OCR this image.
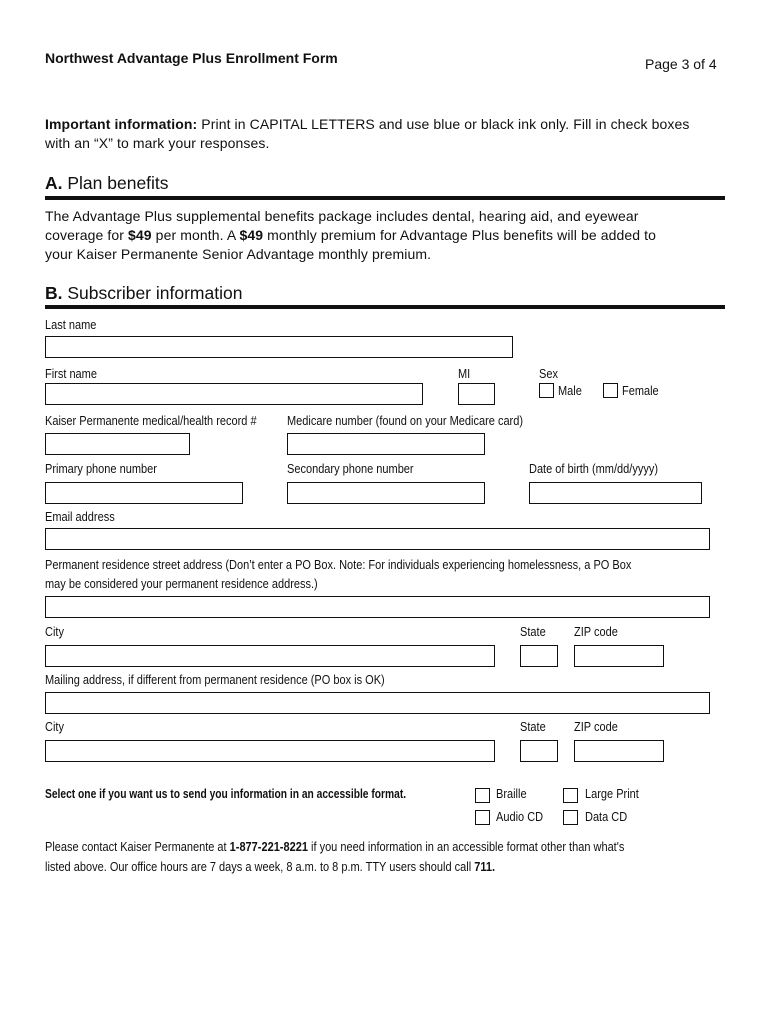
Northwest Advantage Plus Enrollment Form	Page 3 of 4
Important information: Print in CAPITAL LETTERS and use blue or black ink only. Fill in check boxes
with an “X” to mark your responses.
A. Plan benefits
The Advantage Plus supplemental benefits package includes dental, hearing aid, and eyewear
coverage for $49 per month. A $49 monthly premium for Advantage Plus benefits will be added to
your Kaiser Permanente Senior Advantage monthly premium.
B. Subscriber information
Last name
First name	MI	Sex
Male	Female
Kaiser Permanente medical/health record # Medicare number (found on your Medicare card)
Primary phone number	Secondary phone number	Date of birth (mm/dd/yyyy)
Email address
Permanent residence street address (Don’t enter a PO Box. Note: For individuals experiencing homelessness, a PO Box
may be considered your permanent residence address.)
City	State ZIP code
Mailing address, if different from permanent residence (PO box is OK)
City	State ZIP code
Select one if you want us to send you information in an accessible format.	Braille	Large Print
Audio CD	Data CD
Please contact Kaiser Permanente at 1-877-221-8221 if you need information in an accessible format other than what's
listed above. Our office hours are 7 days a week, 8 a.m. to 8 p.m. TTY users should call 711.
